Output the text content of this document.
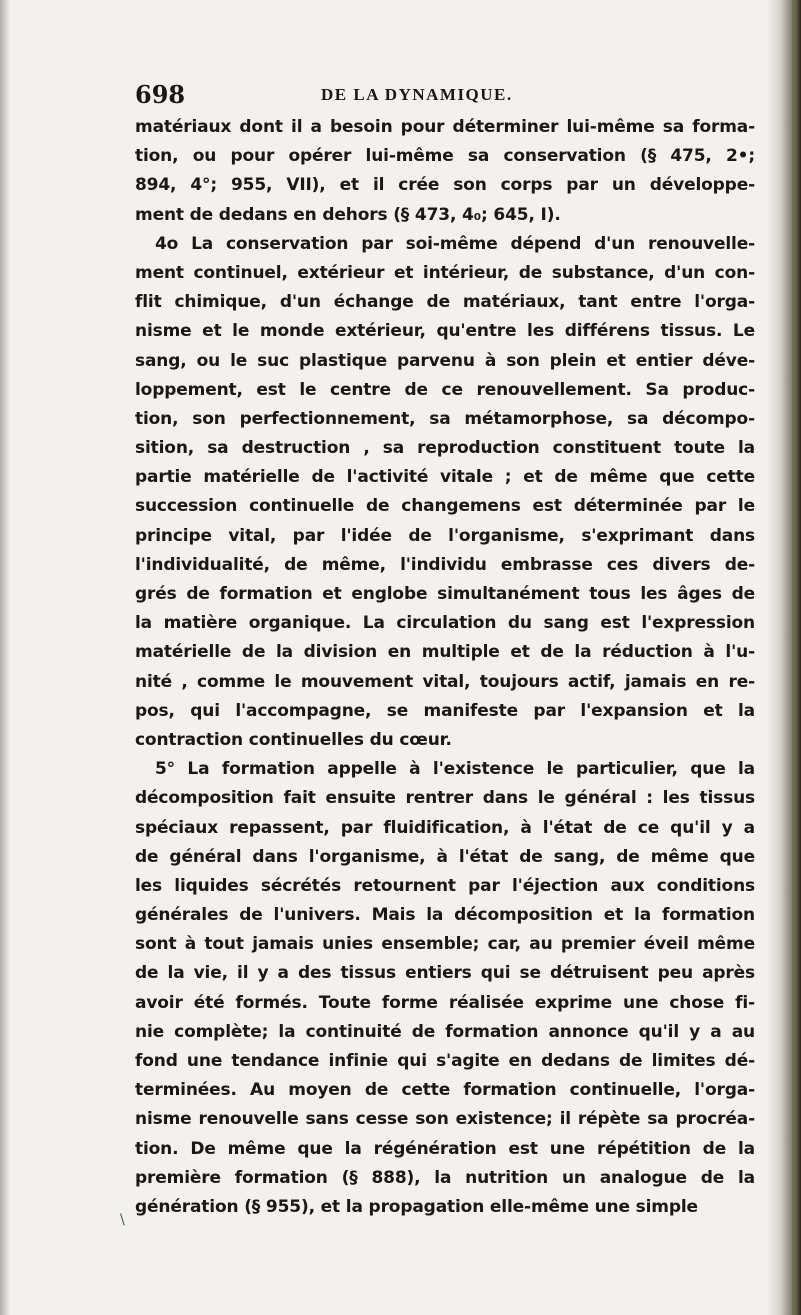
698	DE LA DYNAMIQUE.
matériaux dont il a besoin pour déterminer lui-même sa forma-
tion, ou pour opérer lui-même sa conservation (§ 475, 2•;
894, 4°; 955, VII), et il crée son corps par un développe-
ment de dedans en dehors (§ 473, 4₀; 645, I).
4o La conservation par soi-même dépend d'un renouvelle-
ment continuel, extérieur et intérieur, de substance, d'un con-
flit chimique, d'un échange de matériaux, tant entre l'orga-
nisme et le monde extérieur, qu'entre les différens tissus. Le
sang, ou le suc plastique parvenu à son plein et entier déve-
loppement, est le centre de ce renouvellement. Sa produc-
tion, son perfectionnement, sa métamorphose, sa décompo-
sition, sa destruction , sa reproduction constituent toute la
partie matérielle de l'activité vitale ; et de même que cette
succession continuelle de changemens est déterminée par le
principe vital, par l'idée de l'organisme, s'exprimant dans
l'individualité, de même, l'individu embrasse ces divers de-
grés de formation et englobe simultanément tous les âges de
la matière organique. La circulation du sang est l'expression
matérielle de la division en multiple et de la réduction à l'u-
nité , comme le mouvement vital, toujours actif, jamais en re-
pos, qui l'accompagne, se manifeste par l'expansion et la
contraction continuelles du cœur.
5° La formation appelle à l'existence le particulier, que la
décomposition fait ensuite rentrer dans le général : les tissus
spéciaux repassent, par fluidification, à l'état de ce qu'il y a
de général dans l'organisme, à l'état de sang, de même que
les liquides sécrétés retournent par l'éjection aux conditions
générales de l'univers. Mais la décomposition et la formation
sont à tout jamais unies ensemble; car, au premier éveil même
de la vie, il y a des tissus entiers qui se détruisent peu après
avoir été formés. Toute forme réalisée exprime une chose fi-
nie complète; la continuité de formation annonce qu'il y a au
fond une tendance infinie qui s'agite en dedans de limites dé-
terminées. Au moyen de cette formation continuelle, l'orga-
nisme renouvelle sans cesse son existence; il répète sa procréa-
tion. De même que la régénération est une répétition de la
première formation (§ 888), la nutrition un analogue de la
génération (§ 955), et la propagation elle-même une simple
\
